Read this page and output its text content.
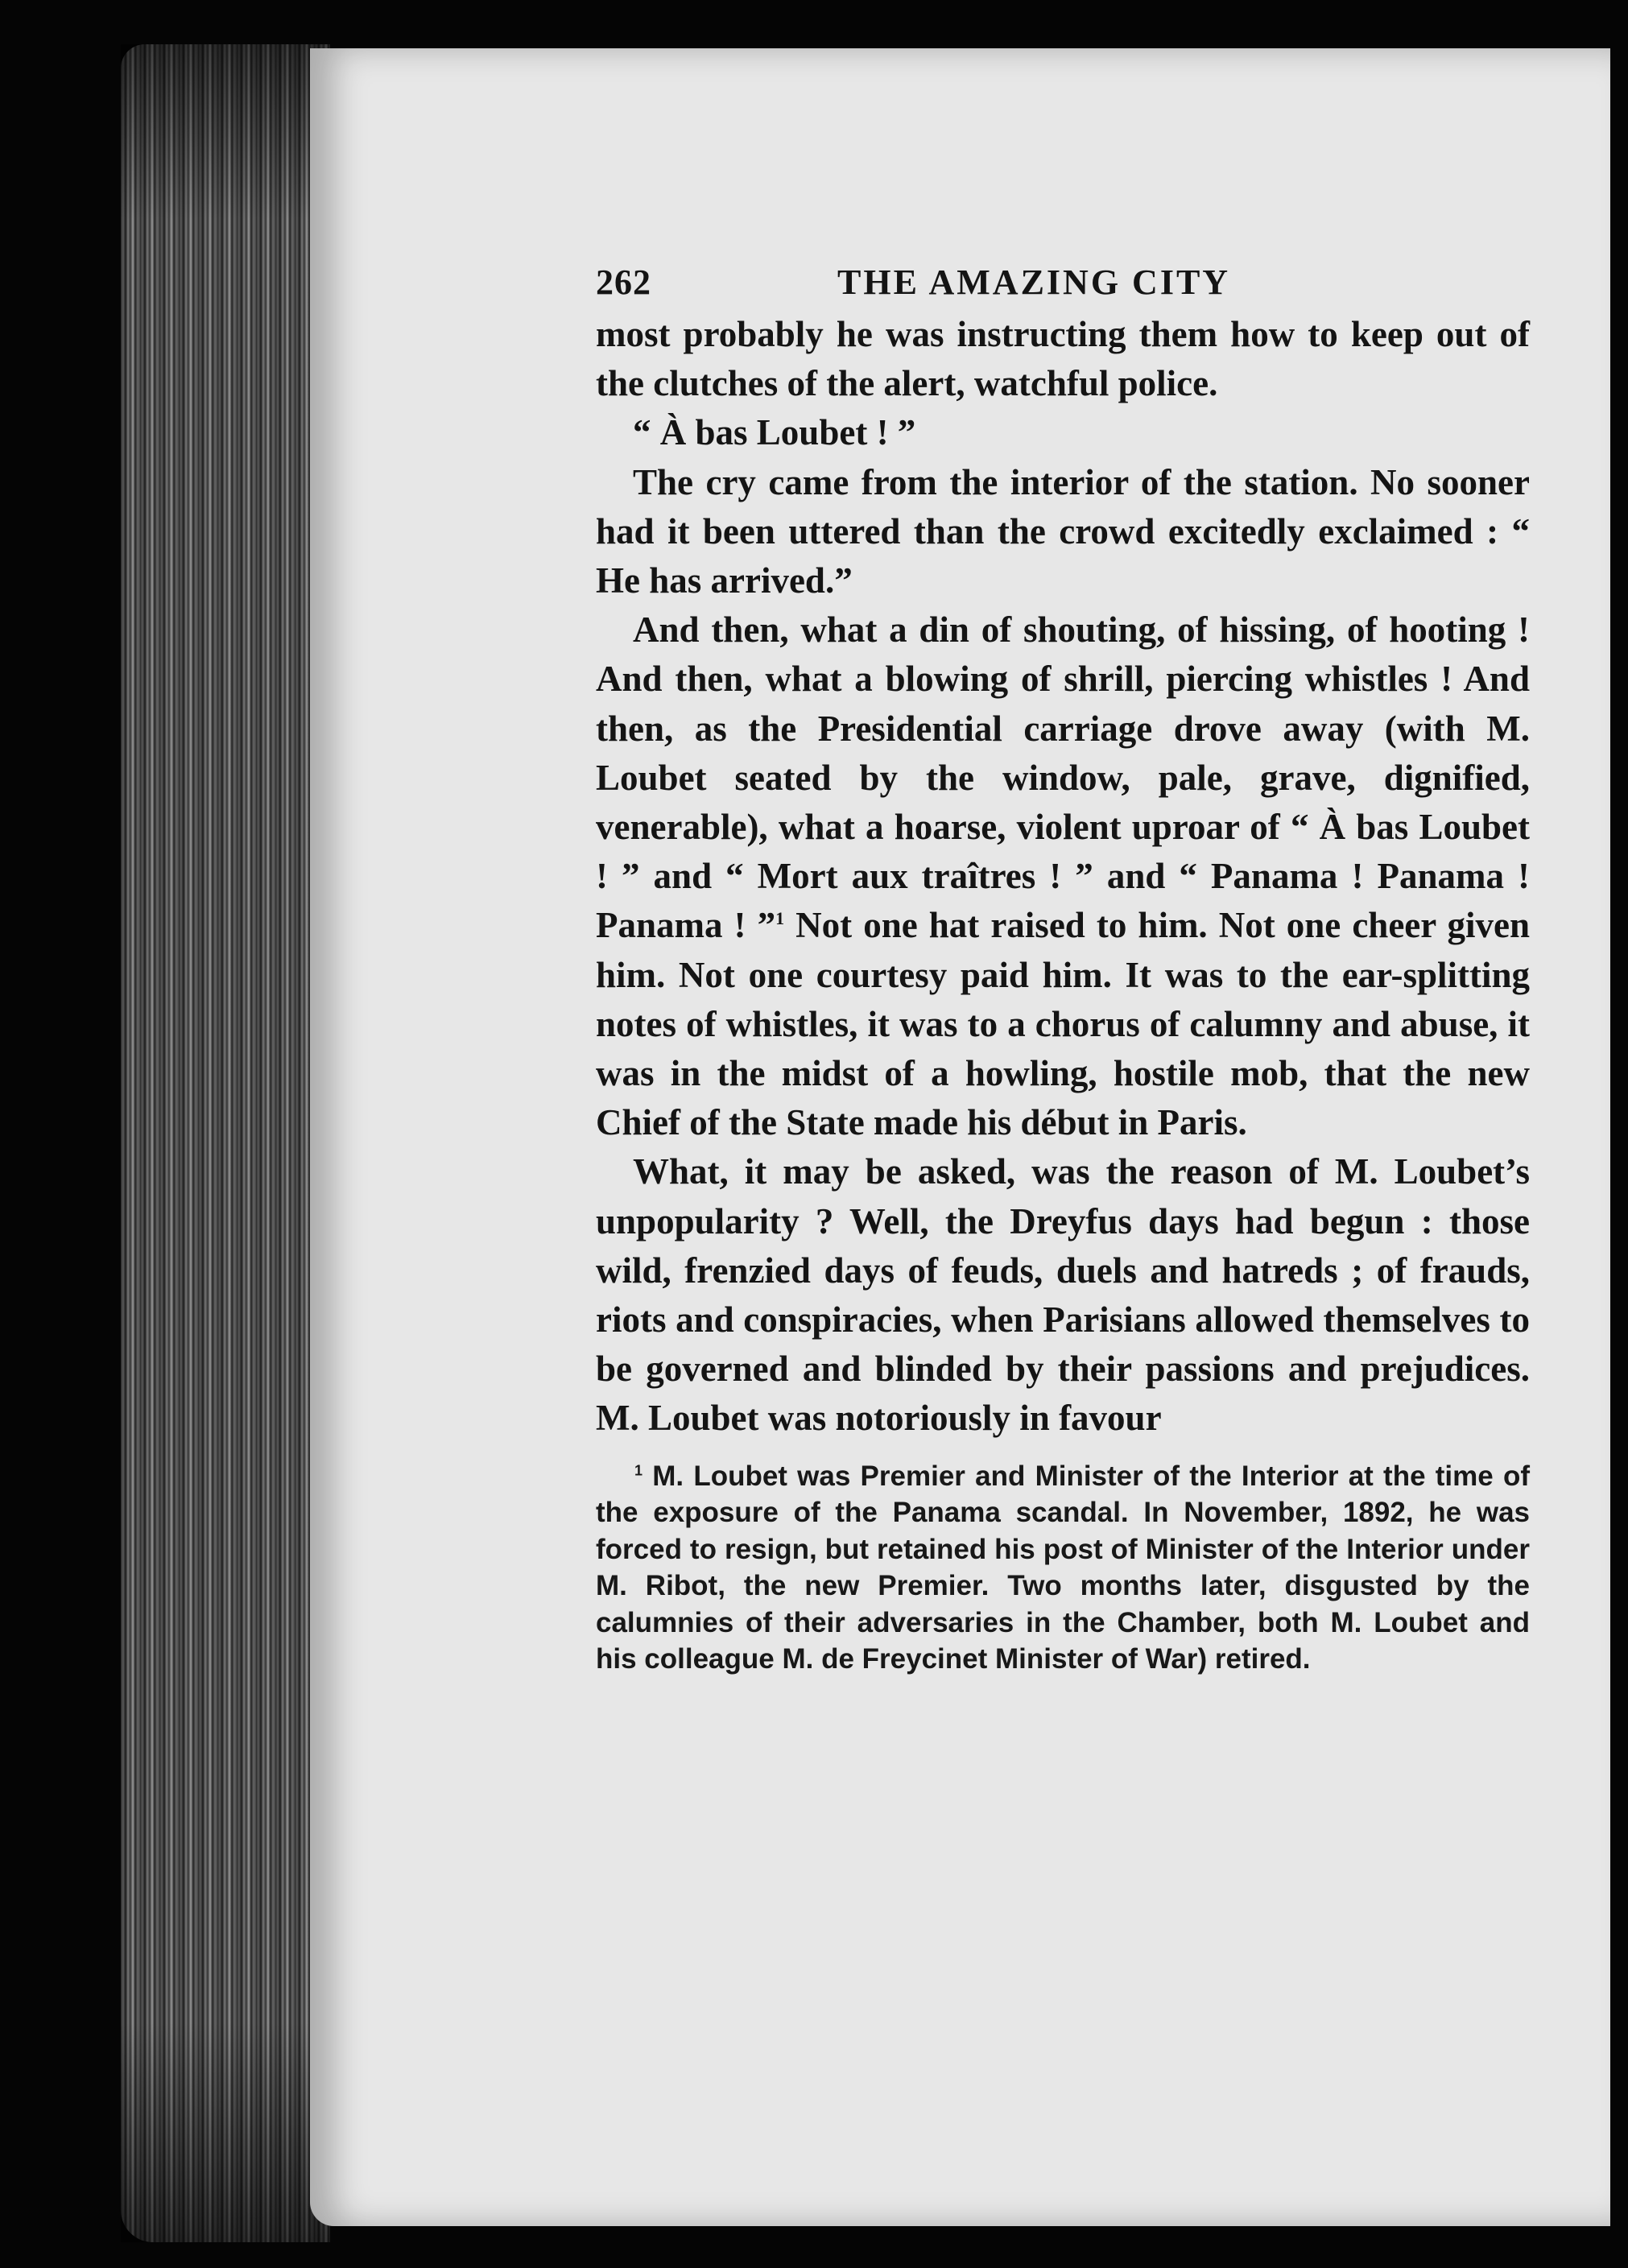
262	THE AMAZING CITY

most probably he was instructing them how to keep out of the clutches of the alert, watchful police.

“ À bas Loubet ! ”

The cry came from the interior of the station. No sooner had it been uttered than the crowd excitedly exclaimed : “ He has arrived.”

And then, what a din of shouting, of hissing, of hooting ! And then, what a blowing of shrill, piercing whistles ! And then, as the Presidential carriage drove away (with M. Loubet seated by the window, pale, grave, dignified, venerable), what a hoarse, violent uproar of “ À bas Loubet ! ” and “ Mort aux traîtres ! ” and “ Panama ! Panama ! Panama ! ”$^1$ Not one hat raised to him. Not one cheer given him. Not one courtesy paid him. It was to the ear-splitting notes of whistles, it was to a chorus of calumny and abuse, it was in the midst of a howling, hostile mob, that the new Chief of the State made his début in Paris.

What, it may be asked, was the reason of M. Loubet’s unpopularity ? Well, the Dreyfus days had begun : those wild, frenzied days of feuds, duels and hatreds ; of frauds, riots and conspiracies, when Parisians allowed themselves to be governed and blinded by their passions and prejudices. M. Loubet was notoriously in favour

$^1$ M. Loubet was Premier and Minister of the Interior at the time of the exposure of the Panama scandal. In November, 1892, he was forced to resign, but retained his post of Minister of the Interior under M. Ribot, the new Premier. Two months later, disgusted by the calumnies of their adversaries in the Chamber, both M. Loubet and his colleague M. de Freycinet Minister of War) retired.
